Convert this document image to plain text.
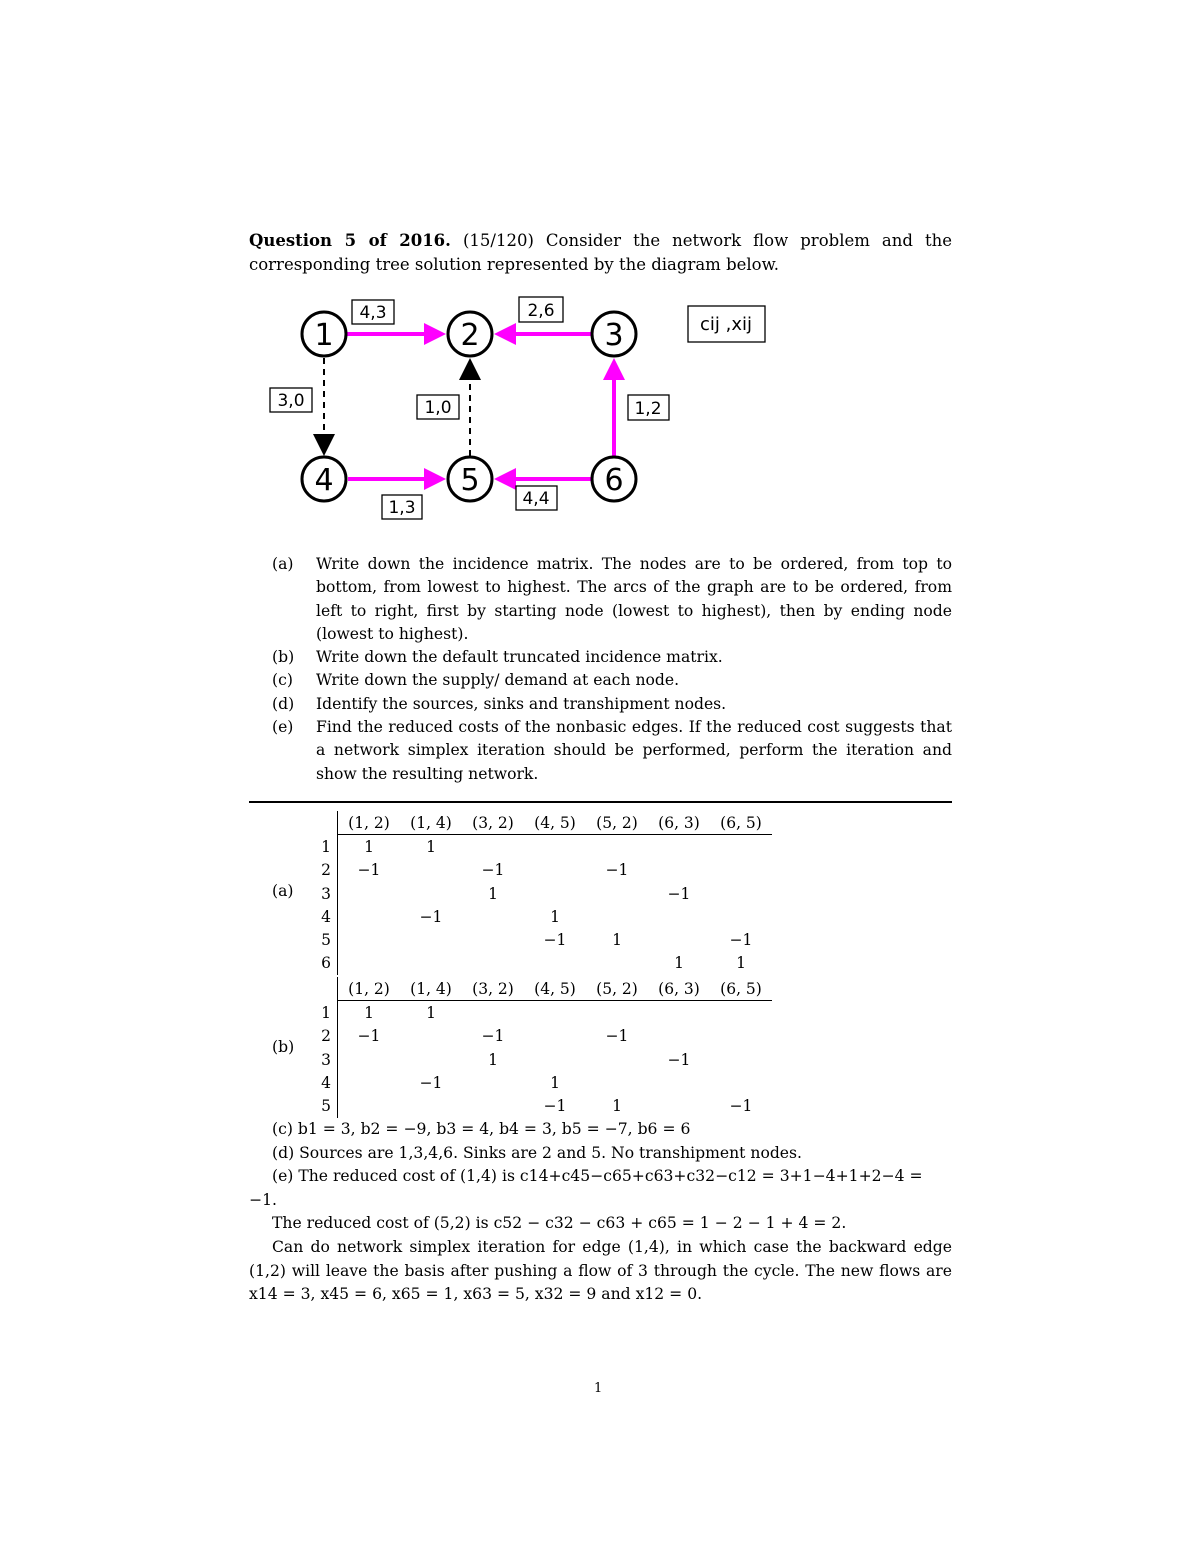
Question 5 of 2016. (15/120) Consider the network flow problem and the corresponding tree solution represented by the diagram below.
1	2	3
4	5	6
4,3	2,6
3,0	1,0	1,2
1,3	4,4
cij ,xij
(a)	Write down the incidence matrix. The nodes are to be ordered, from top to bottom, from lowest to highest. The arcs of the graph are to be ordered, from left to right, first by starting node (lowest to highest), then by ending node (lowest to highest).
(b)	Write down the default truncated incidence matrix.
(c)	Write down the supply/ demand at each node.
(d)	Identify the sources, sinks and transhipment nodes.
(e)	Find the reduced costs of the nonbasic edges. If the reduced cost suggests that a network simplex iteration should be performed, perform the iteration and show the resulting network.
(a)
	(1, 2)	(1, 4)	(3, 2)	(4, 5)	(5, 2)	(6, 3)	(6, 5)
1	1	1					
2	−1		−1		−1		
3			1			−1	
4		−1		1			
5				−1	1		−1
6						1	1
(b)
	(1, 2)	(1, 4)	(3, 2)	(4, 5)	(5, 2)	(6, 3)	(6, 5)
1	1	1					
2	−1		−1		−1		
3			1			−1	
4		−1		1			
5				−1	1		−1
(c) b1 = 3, b2 = −9, b3 = 4, b4 = 3, b5 = −7, b6 = 6
(d) Sources are 1,3,4,6. Sinks are 2 and 5. No transhipment nodes.
(e) The reduced cost of (1,4) is c14+c45−c65+c63+c32−c12 = 3+1−4+1+2−4 =
−1.
The reduced cost of (5,2) is c52 − c32 − c63 + c65 = 1 − 2 − 1 + 4 = 2.
Can do network simplex iteration for edge (1,4), in which case the backward edge (1,2) will leave the basis after pushing a flow of 3 through the cycle. The new flows are x14 = 3, x45 = 6, x65 = 1, x63 = 5, x32 = 9 and x12 = 0.
1
